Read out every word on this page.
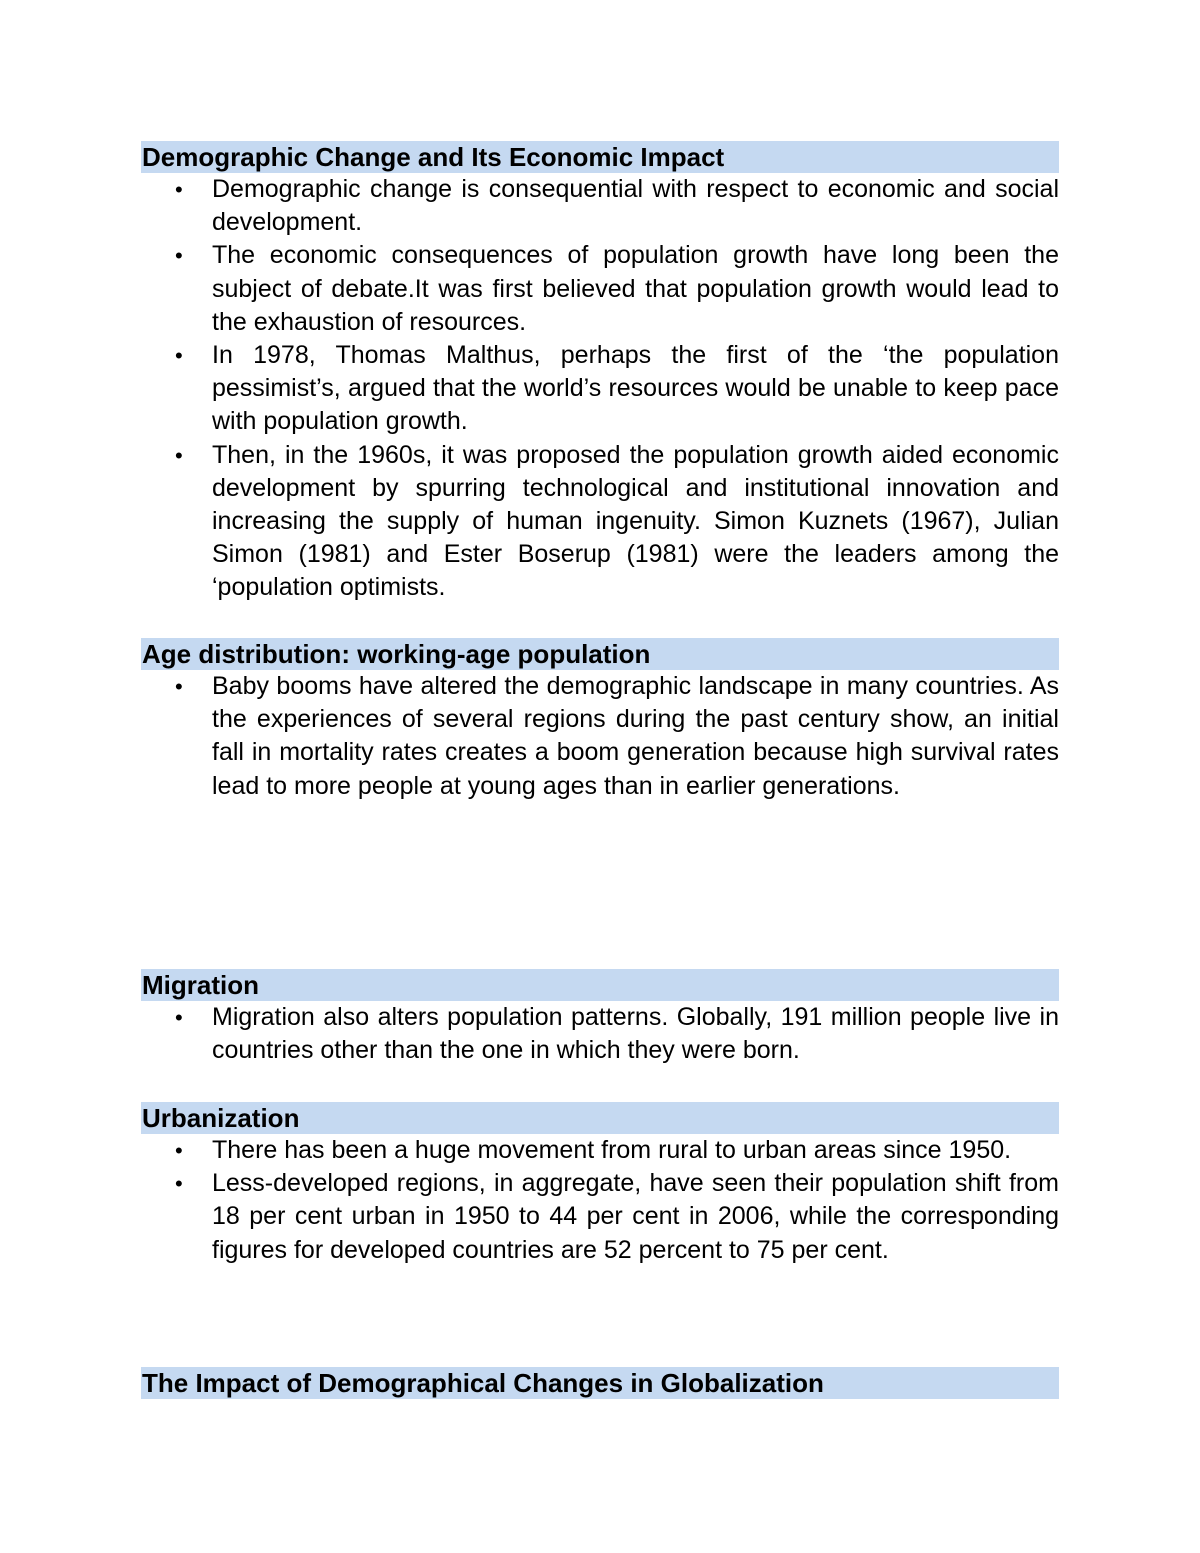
Demographic Change and Its Economic Impact
• Demographic change is consequential with respect to economic and social development.
• The economic consequences of population growth have long been the subject of debate.It was first believed that population growth would lead to the exhaustion of resources.
• In 1978, Thomas Malthus, perhaps the first of the ‘the population pessimist’s, argued that the world’s resources would be unable to keep pace with population growth.
• Then, in the 1960s, it was proposed the population growth aided economic development by spurring technological and institutional innovation and increasing the supply of human ingenuity. Simon Kuznets (1967), Julian Simon (1981) and Ester Boserup (1981) were the leaders among the ‘population optimists.
Age distribution: working-age population
• Baby booms have altered the demographic landscape in many countries. As the experiences of several regions during the past century show, an initial fall in mortality rates creates a boom generation because high survival rates lead to more people at young ages than in earlier generations.
Migration
• Migration also alters population patterns. Globally, 191 million people live in countries other than the one in which they were born.
Urbanization
• There has been a huge movement from rural to urban areas since 1950.
• Less-developed regions, in aggregate, have seen their population shift from 18 per cent urban in 1950 to 44 per cent in 2006, while the corresponding figures for developed countries are 52 percent to 75 per cent.
The Impact of Demographical Changes in Globalization
